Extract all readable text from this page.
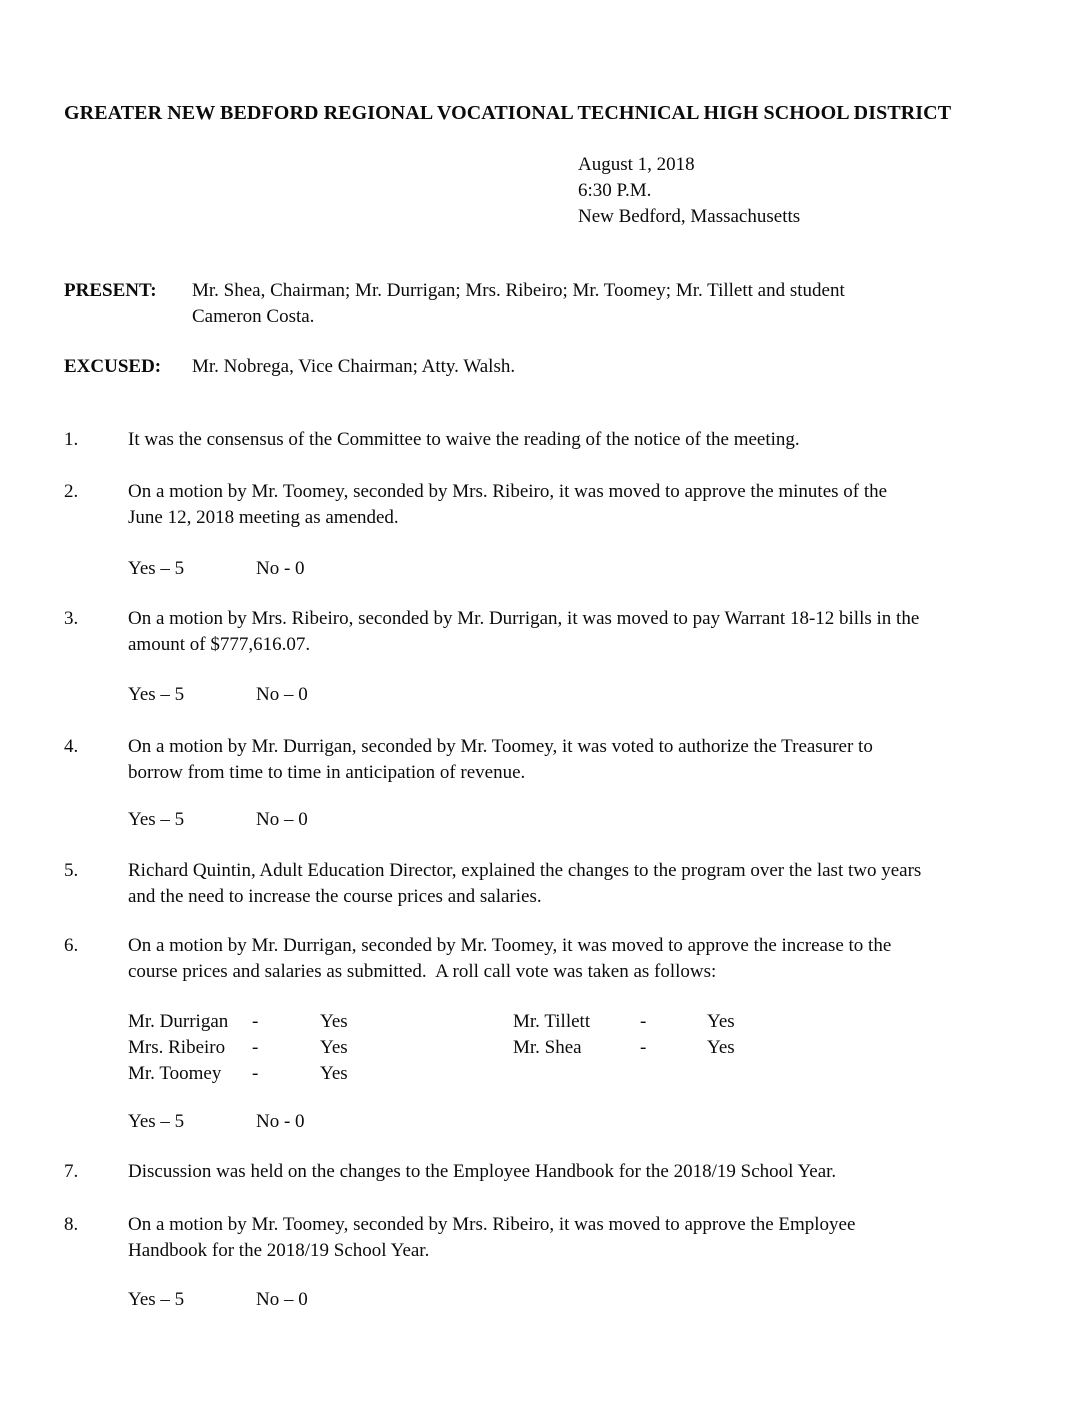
GREATER NEW BEDFORD REGIONAL VOCATIONAL TECHNICAL HIGH SCHOOL DISTRICT
August 1, 2018
6:30 P.M.
New Bedford, Massachusetts
PRESENT:	Mr. Shea, Chairman; Mr. Durrigan; Mrs. Ribeiro; Mr. Toomey; Mr. Tillett and student
Cameron Costa.
EXCUSED:	Mr. Nobrega, Vice Chairman; Atty. Walsh.
1.	It was the consensus of the Committee to waive the reading of the notice of the meeting.
2.	On a motion by Mr. Toomey, seconded by Mrs. Ribeiro, it was moved to approve the minutes of the
June 12, 2018 meeting as amended.
Yes – 5	No - 0
3.	On a motion by Mrs. Ribeiro, seconded by Mr. Durrigan, it was moved to pay Warrant 18-12 bills in the
amount of $777,616.07.
Yes – 5	No – 0
4.	On a motion by Mr. Durrigan, seconded by Mr. Toomey, it was voted to authorize the Treasurer to
borrow from time to time in anticipation of revenue.
Yes – 5	No – 0
5.	Richard Quintin, Adult Education Director, explained the changes to the program over the last two years
and the need to increase the course prices and salaries.
6.	On a motion by Mr. Durrigan, seconded by Mr. Toomey, it was moved to approve the increase to the
course prices and salaries as submitted.  A roll call vote was taken as follows:
Mr. Durrigan	-	Yes	Mr. Tillett	-	Yes
Mrs. Ribeiro	-	Yes	Mr. Shea	-	Yes
Mr. Toomey	-	Yes
Yes – 5	No - 0
7.	Discussion was held on the changes to the Employee Handbook for the 2018/19 School Year.
8.	On a motion by Mr. Toomey, seconded by Mrs. Ribeiro, it was moved to approve the Employee
Handbook for the 2018/19 School Year.
Yes – 5	No – 0
